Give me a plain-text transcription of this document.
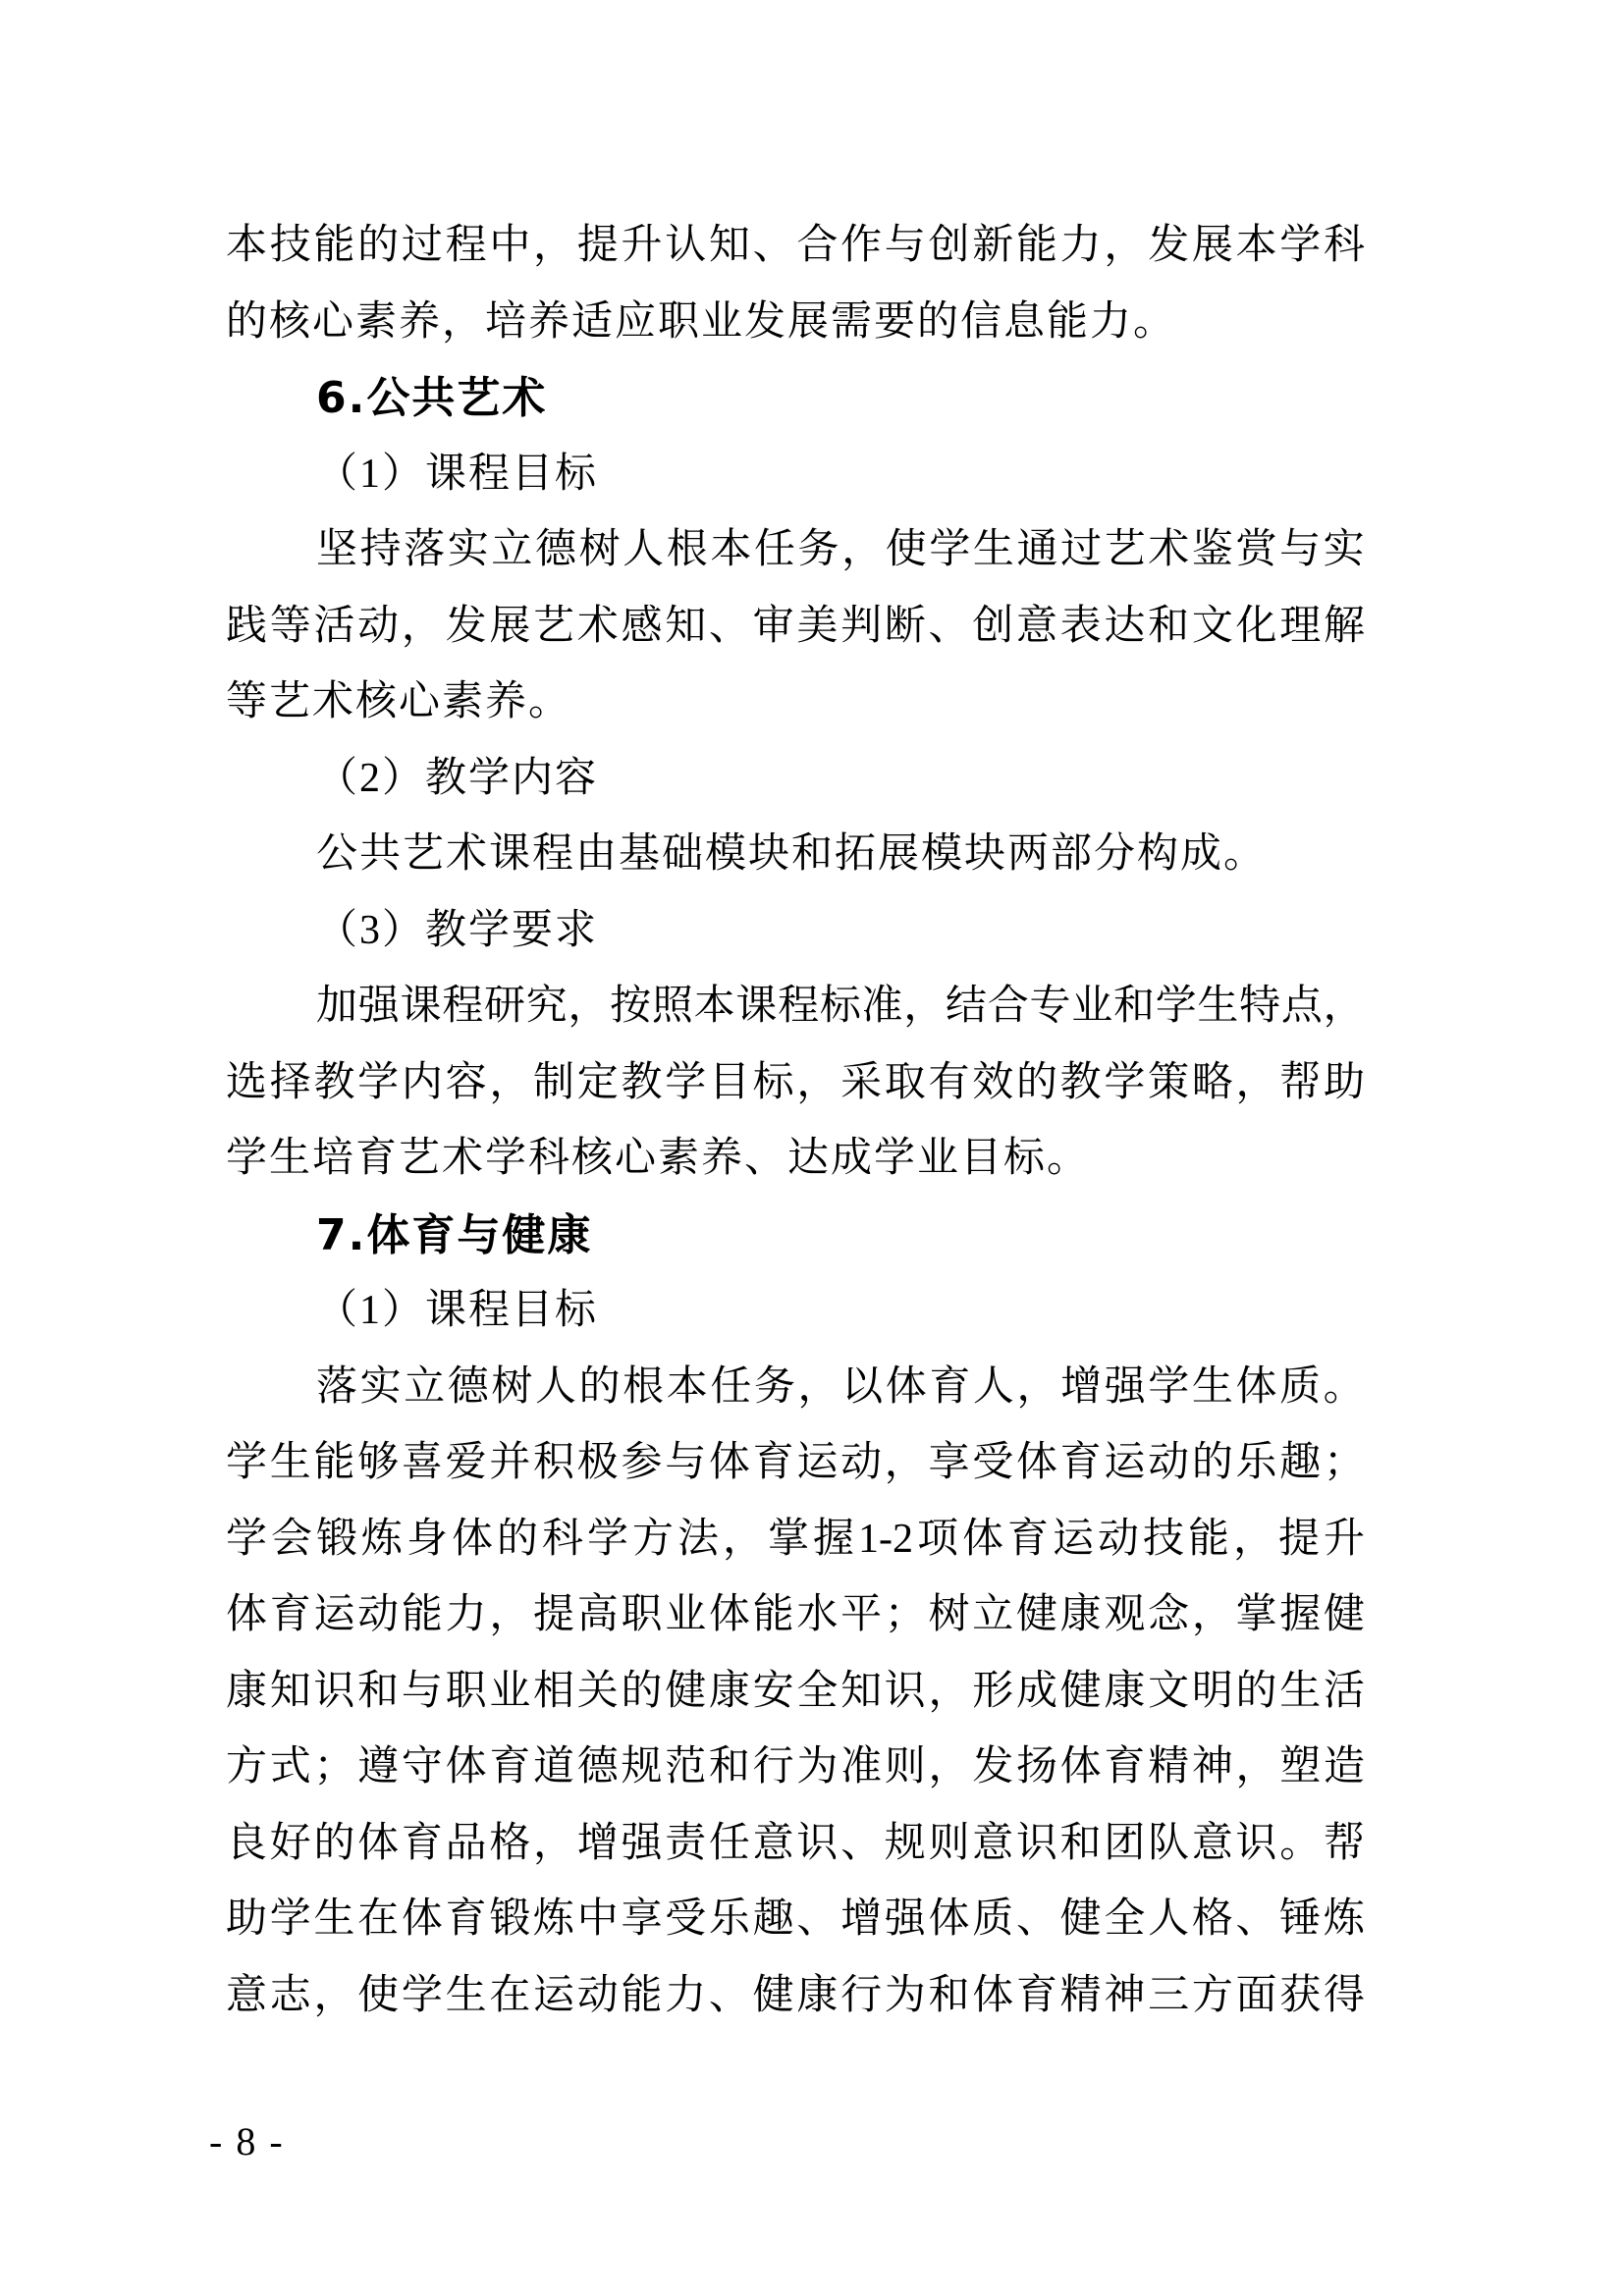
本 技 能 的 过 程 中 ， 提 升 认 知 、 合 作 与 创 新 能 力 ， 发 展 本 学 科
的核心素养，培养适应职业发展需要的信息能力。
6.公共艺术
（1）课程目标
坚 持 落 实 立 德 树 人 根 本 任 务 ， 使 学 生 通 过 艺 术 鉴 赏 与 实
践 等 活 动 ， 发 展 艺 术 感 知 、 审 美 判 断 、 创 意 表 达 和 文 化 理 解
等艺术核心素养。
（2）教学内容
公共艺术课程由基础模块和拓展模块两部分构成。
（3）教学要求
加 强 课 程 研 究 ， 按 照 本 课 程 标 准 ， 结 合 专 业 和 学 生 特 点 ，
选 择 教 学 内 容 ， 制 定 教 学 目 标 ， 采 取 有 效 的 教 学 策 略 ， 帮 助
学生培育艺术学科核心素养、达成学业目标。
7.体育与健康
（1）课程目标
落 实 立 德 树 人 的 根 本 任 务 ， 以 体 育 人 ， 增 强 学 生 体 质 。
学 生 能 够 喜 爱 并 积 极 参 与 体 育 运 动 ， 享 受 体 育 运 动 的 乐 趣 ；
学 会 锻 炼 身 体 的 科 学 方 法 ， 掌 握 1-2 项 体 育 运 动 技 能 ， 提 升
体 育 运 动 能 力 ， 提 高 职 业 体 能 水 平 ； 树 立 健 康 观 念 ， 掌 握 健
康 知 识 和 与 职 业 相 关 的 健 康 安 全 知 识 ， 形 成 健 康 文 明 的 生 活
方 式 ； 遵 守 体 育 道 德 规 范 和 行 为 准 则 ， 发 扬 体 育 精 神 ， 塑 造
良 好 的 体 育 品 格 ， 增 强 责 任 意 识 、 规 则 意 识 和 团 队 意 识 。 帮
助 学 生 在 体 育 锻 炼 中 享 受 乐 趣 、 增 强 体 质 、 健 全 人 格 、 锤 炼
意 志 ， 使 学 生 在 运 动 能 力 、 健 康 行 为 和 体 育 精 神 三 方 面 获 得
- 8 -
